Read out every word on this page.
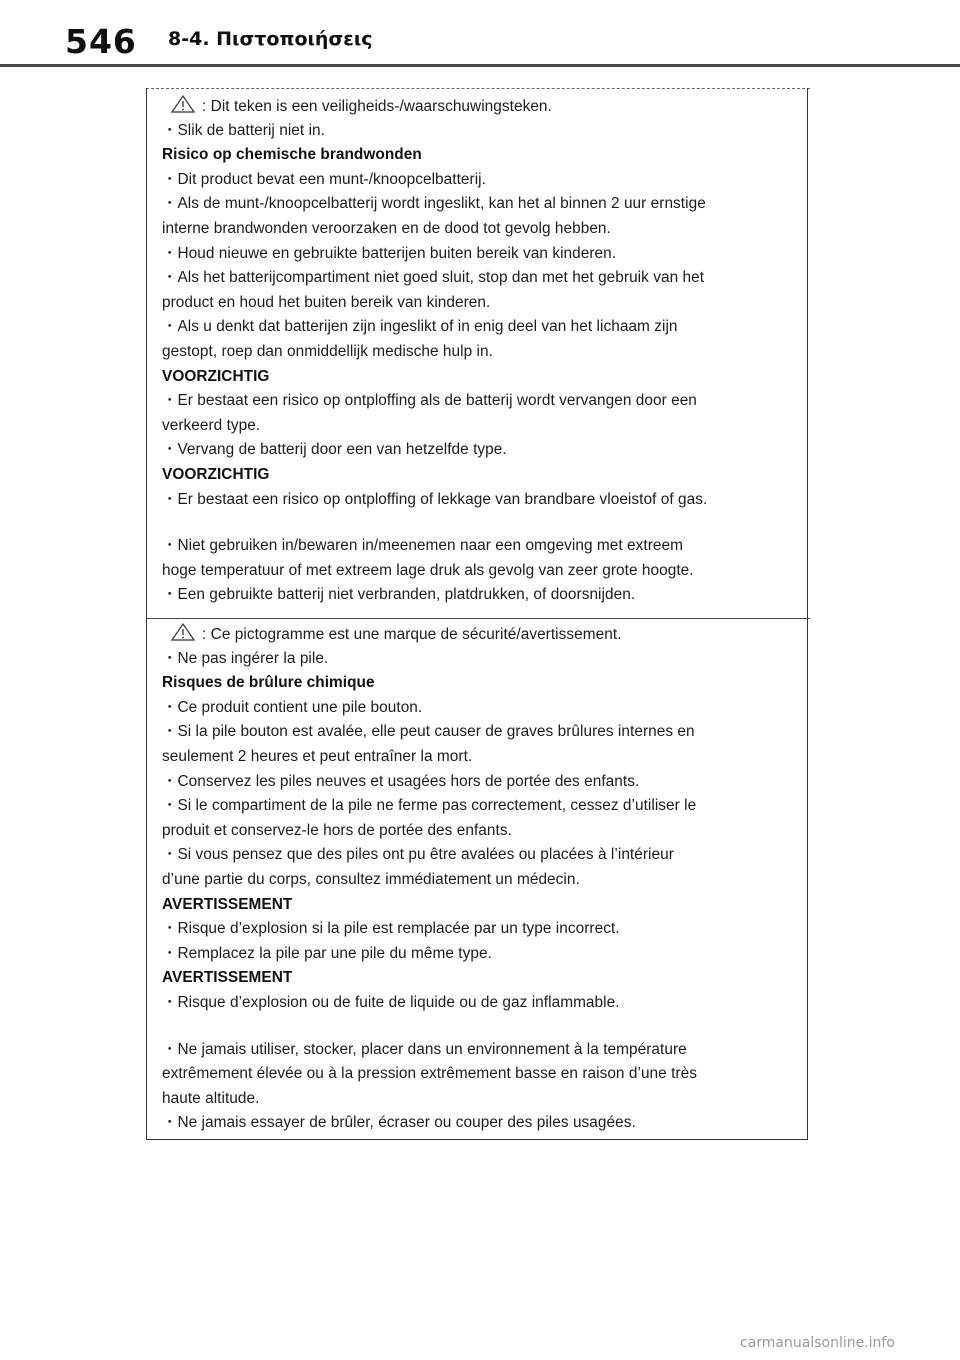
546 8-4. Πιστοποιήσεις
: Dit teken is een veiligheids-/waarschuwingsteken.
・Slik de batterij niet in.
Risico op chemische brandwonden
・Dit product bevat een munt-/knoopcelbatterij.
・Als de munt-/knoopcelbatterij wordt ingeslikt, kan het al binnen 2 uur ernstige
interne brandwonden veroorzaken en de dood tot gevolg hebben.
・Houd nieuwe en gebruikte batterijen buiten bereik van kinderen.
・Als het batterijcompartiment niet goed sluit, stop dan met het gebruik van het
product en houd het buiten bereik van kinderen.
・Als u denkt dat batterijen zijn ingeslikt of in enig deel van het lichaam zijn
gestopt, roep dan onmiddellijk medische hulp in.
VOORZICHTIG
・Er bestaat een risico op ontploffing als de batterij wordt vervangen door een
verkeerd type.
・Vervang de batterij door een van hetzelfde type.
VOORZICHTIG
・Er bestaat een risico op ontploffing of lekkage van brandbare vloeistof of gas.
・Niet gebruiken in/bewaren in/meenemen naar een omgeving met extreem
hoge temperatuur of met extreem lage druk als gevolg van zeer grote hoogte.
・Een gebruikte batterij niet verbranden, platdrukken, of doorsnijden.
: Ce pictogramme est une marque de sécurité/avertissement.
・Ne pas ingérer la pile.
Risques de brûlure chimique
・Ce produit contient une pile bouton.
・Si la pile bouton est avalée, elle peut causer de graves brûlures internes en
seulement 2 heures et peut entraîner la mort.
・Conservez les piles neuves et usagées hors de portée des enfants.
・Si le compartiment de la pile ne ferme pas correctement, cessez d’utiliser le
produit et conservez-le hors de portée des enfants.
・Si vous pensez que des piles ont pu être avalées ou placées à l’intérieur
d’une partie du corps, consultez immédiatement un médecin.
AVERTISSEMENT
・Risque d’explosion si la pile est remplacée par un type incorrect.
・Remplacez la pile par une pile du même type.
AVERTISSEMENT
・Risque d’explosion ou de fuite de liquide ou de gaz inflammable.
・Ne jamais utiliser, stocker, placer dans un environnement à la température
extrêmement élevée ou à la pression extrêmement basse en raison d’une très
haute altitude.
・Ne jamais essayer de brûler, écraser ou couper des piles usagées.
carmanualsonline.info
